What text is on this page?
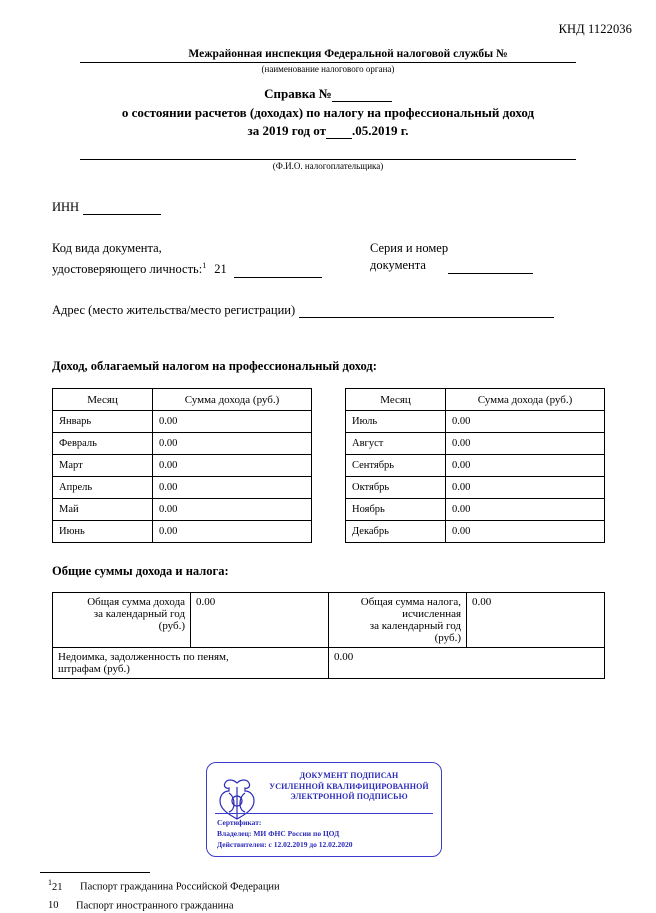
КНД 1122036
Межрайонная инспекция Федеральной налоговой службы №
(наименование налогового органа)
Справка №
о состоянии расчетов (доходах) по налогу на профессиональный доход
за 2019 год от .05.2019 г.
(Ф.И.О. налогоплательщика)
ИНН
Код вида документа,
удостоверяющего личность:$^1$ 21
Серия и номер
документа
Адрес (место жительства/место регистрации)
Доход, облагаемый налогом на профессиональный доход:
Месяц	Сумма дохода (руб.)
Январь	0.00
Февраль	0.00
Март	0.00
Апрель	0.00
Май	0.00
Июнь	0.00
Месяц	Сумма дохода (руб.)
Июль	0.00
Август	0.00
Сентябрь	0.00
Октябрь	0.00
Ноябрь	0.00
Декабрь	0.00
Общие суммы дохода и налога:
Общая сумма дохода
за календарный год
(руб.)
	0.00	Общая сумма налога,
исчисленная
за календарный год
(руб.)
	0.00

Недоимка, задолженность по пеням,
штрафам (руб.)		0.00	
ДОКУМЕНТ ПОДПИСАН
УСИЛЕННОЙ КВАЛИФИЦИРОВАННОЙ
ЭЛЕКТРОННОЙ ПОДПИСЬЮ
Сертификат:
Владелец: МИ ФНС России по ЦОД
Действителен: с 12.02.2019 до 12.02.2020
$^1$21 Паспорт гражданина Российской Федерации
10 Паспорт иностранного гражданина
